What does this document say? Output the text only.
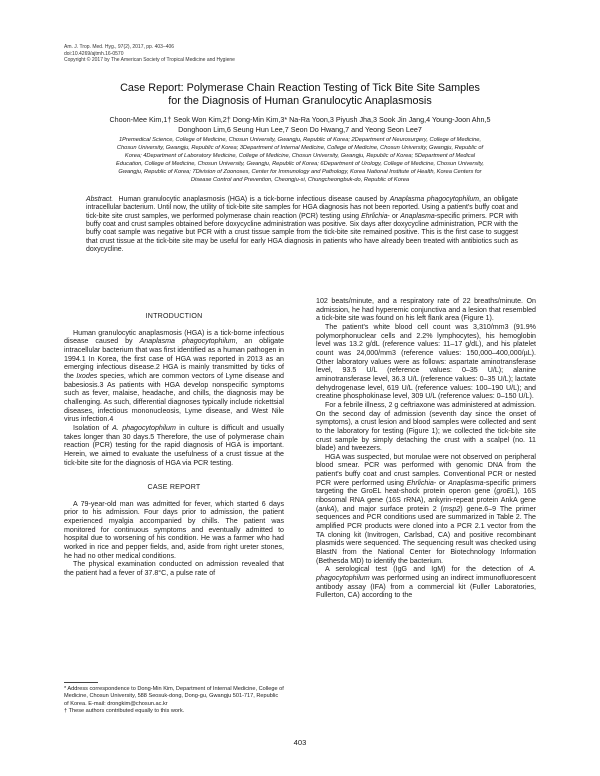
Am. J. Trop. Med. Hyg., 97(2), 2017, pp. 403–406
doi:10.4269/ajtmh.16-0570
Copyright © 2017 by The American Society of Tropical Medicine and Hygiene
Case Report: Polymerase Chain Reaction Testing of Tick Bite Site Samples
for the Diagnosis of Human Granulocytic Anaplasmosis
Choon-Mee Kim,1† Seok Won Kim,2† Dong-Min Kim,3* Na-Ra Yoon,3 Piyush Jha,3 Sook Jin Jang,4 Young-Joon Ahn,5
Donghoon Lim,6 Seung Hun Lee,7 Seon Do Hwang,7 and Yeong Seon Lee7
1Premedical Science, College of Medicine, Chosun University, Gwangju, Republic of Korea; 2Department of Neurosurgery, College of Medicine,
Chosun University, Gwangju, Republic of Korea; 3Department of Internal Medicine, College of Medicine, Chosun University, Gwangju, Republic of
Korea; 4Department of Laboratory Medicine, College of Medicine, Chosun University, Gwangju, Republic of Korea; 5Department of Medical
Education, College of Medicine, Chosun University, Gwangju, Republic of Korea; 6Department of Urology, College of Medicine, Chosun University,
Gwangju, Republic of Korea; 7Division of Zoonoses, Center for Immunology and Pathology, Korea National Institute of Health, Korea Centers for
Disease Control and Prevention, Cheongju-si, Chungcheongbuk-do, Republic of Korea
Abstract. Human granulocytic anaplasmosis (HGA) is a tick-borne infectious disease caused by Anaplasma phagocytophilum, an obligate intracellular bacterium. Until now, the utility of tick-bite site samples for HGA diagnosis has not been reported. Using a patient's buffy coat and tick-bite site crust samples, we performed polymerase chain reaction (PCR) testing using Ehrlichia- or Anaplasma-specific primers. PCR with buffy coat and crust samples obtained before doxycycline administration was positive. Six days after doxycycline administration, PCR with the buffy coat sample was negative but PCR with a crust tissue sample from the tick-bite site remained positive. This is the first case to suggest that crust tissue at the tick-bite site may be useful for early HGA diagnosis in patients who have already been treated with antibiotics such as doxycycline.
INTRODUCTION

Human granulocytic anaplasmosis (HGA) is a tick-borne infectious disease caused by Anaplasma phagocytophilum, an obligate intracellular bacterium that was first identified as a human pathogen in 1994.1 In Korea, the first case of HGA was reported in 2013 as an emerging infectious disease.2 HGA is mainly transmitted by ticks of the Ixodes species, which are common vectors of Lyme disease and babesiosis.3 As patients with HGA develop nonspecific symptoms such as fever, malaise, headache, and chills, the diagnosis may be challenging. As such, differential diagnoses typically include rickettsial diseases, infectious mononucleosis, Lyme disease, and West Nile virus infection.4

Isolation of A. phagocytophilum in culture is difficult and usually takes longer than 30 days.5 Therefore, the use of polymerase chain reaction (PCR) testing for the rapid diagnosis of HGA is important. Herein, we aimed to evaluate the usefulness of a crust tissue at the tick-bite site for the diagnosis of HGA via PCR testing.

CASE REPORT

A 79-year-old man was admitted for fever, which started 6 days prior to his admission. Four days prior to admission, the patient experienced myalgia accompanied by chills. The patient was monitored for continuous symptoms and eventually admitted to hospital due to worsening of his condition. He was a farmer who had worked in rice and pepper fields, and, aside from right ureter stones, he had no other medical conditions.

The physical examination conducted on admission revealed that the patient had a fever of 37.8°C, a pulse rate of

* Address correspondence to Dong-Min Kim, Department of Internal Medicine, College of Medicine, Chosun University, 588 Seosuk-dong, Dong-gu, Gwangju 501-717, Republic of Korea. E-mail: drongkim@chosun.ac.kr

† These authors contributed equally to this work.

102 beats/minute, and a respiratory rate of 22 breaths/minute. On admission, he had hyperemic conjunctiva and a lesion that resembled a tick-bite site was found on his left flank area (Figure 1).

The patient's white blood cell count was 3,310/mm3 (91.9% polymorphonuclear cells and 2.2% lymphocytes), his hemoglobin level was 13.2 g/dL (reference values: 11–17 g/dL), and his platelet count was 24,000/mm3 (reference values: 150,000–400,000/µL). Other laboratory values were as follows: aspartate aminotransferase level, 93.5 U/L (reference values: 0–35 U/L); alanine aminotransferase level, 36.3 U/L (reference values: 0–35 U/L); lactate dehydrogenase level, 619 U/L (reference values: 100–190 U/L); and creatine phosphokinase level, 309 U/L (reference values: 0–150 U/L).

For a febrile illness, 2 g ceftriaxone was administered at admission. On the second day of admission (seventh day since the onset of symptoms), a crust lesion and blood samples were collected and sent to the laboratory for testing (Figure 1); we collected the tick-bite site crust sample by simply detaching the crust with a scalpel (no. 11 blade) and tweezers.

HGA was suspected, but morulae were not observed on peripheral blood smear. PCR was performed with genomic DNA from the patient's buffy coat and crust samples. Conventional PCR or nested PCR were performed using Ehrlichia- or Anaplasma-specific primers targeting the GroEL heat-shock protein operon gene (groEL), 16S ribosomal RNA gene (16S rRNA), ankyrin-repeat protein AnkA gene (ankA), and major surface protein 2 (msp2) gene.6–9 The primer sequences and PCR conditions used are summarized in Table 2. The amplified PCR products were cloned into a PCR 2.1 vector from the TA cloning kit (Invitrogen, Carlsbad, CA) and positive recombinant plasmids were sequenced. The sequencing result was checked using BlastN from the National Center for Biotechnology Information (Bethesda MD) to identify the bacterium.

A serological test (IgG and IgM) for the detection of A. phagocytophilum was performed using an indirect immunofluorescent antibody assay (IFA) from a commercial kit (Fuller Laboratories, Fullerton, CA) according to the

403
